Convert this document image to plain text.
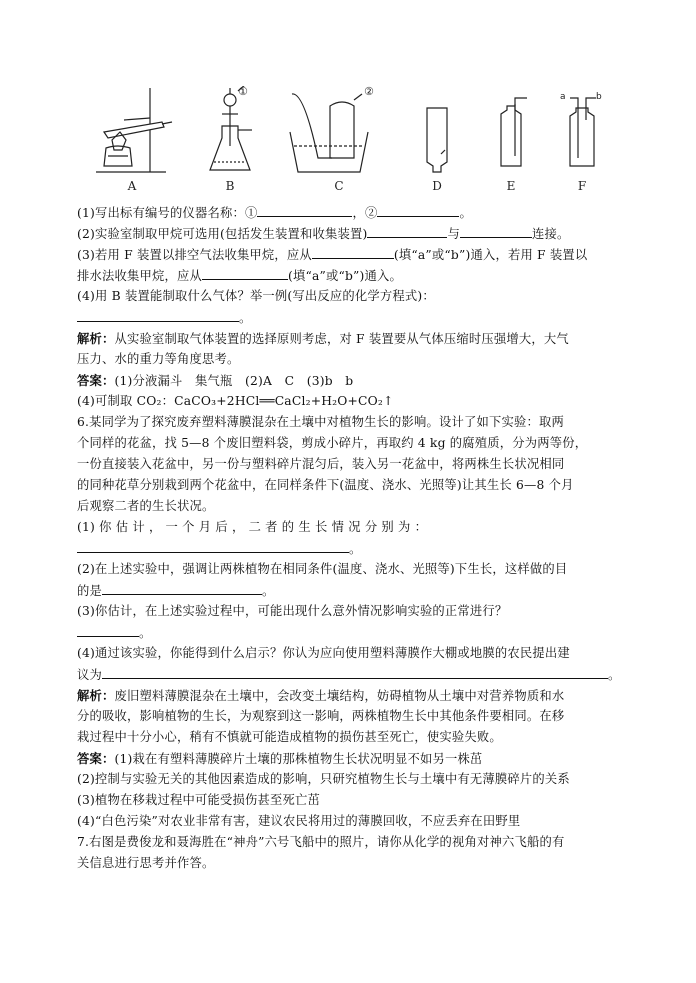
①	②	a	b
A	B	C	D	E	F
(1)写出标有编号的仪器名称：①	，②	。
(2)实验室制取甲烷可选用(包括发生装置和收集装置)	与	连接。
(3)若用 F 装置以排空气法收集甲烷，应从	(填“a”或“b”)通入，若用 F 装置以
排水法收集甲烷，应从	(填“a”或“b”)通入。
(4)用 B 装置能制取什么气体？举一例(写出反应的化学方程式)：
。
解析：从实验室制取气体装置的选择原则考虑，对 F 装置要从气体压缩时压强增大，大气
压力、水的重力等角度思考。
答案：(1)分液漏斗　集气瓶　(2)A　C　(3)b　b
(4)可制取 CO₂：CaCO₃+2HCl══CaCl₂+H₂O+CO₂↑
6.某同学为了探究废弃塑料薄膜混杂在土壤中对植物生长的影响。设计了如下实验：取两
个同样的花盆，找 5—8 个废旧塑料袋，剪成小碎片，再取约 4 kg 的腐殖质，分为两等份，
一份直接装入花盆中，另一份与塑料碎片混匀后，装入另一花盆中，将两株生长状况相同
的同种花草分别栽到两个花盆中，在同样条件下(温度、浇水、光照等)让其生长 6—8 个月
后观察二者的生长状况。
(1) 你 估 计 ， 一 个 月 后 ， 二 者 的 生 长 情 况 分 别 为 ：
。
(2)在上述实验中，强调让两株植物在相同条件(温度、浇水、光照等)下生长，这样做的目
的是	。
(3)你估计，在上述实验过程中，可能出现什么意外情况影响实验的正常进行？
。
(4)通过该实验，你能得到什么启示？你认为应向使用塑料薄膜作大棚或地膜的农民提出建
议为	。
解析：废旧塑料薄膜混杂在土壤中，会改变土壤结构，妨碍植物从土壤中对营养物质和水
分的吸收，影响植物的生长，为观察到这一影响，两株植物生长中其他条件要相同。在移
栽过程中十分小心，稍有不慎就可能造成植物的损伤甚至死亡，使实验失败。
答案：(1)栽在有塑料薄膜碎片土壤的那株植物生长状况明显不如另一株茁
(2)控制与实验无关的其他因素造成的影响，只研究植物生长与土壤中有无薄膜碎片的关系
(3)植物在移栽过程中可能受损伤甚至死亡茁
(4)“白色污染”对农业非常有害，建议农民将用过的薄膜回收，不应丢弃在田野里
7.右图是费俊龙和聂海胜在“神舟”六号飞船中的照片，请你从化学的视角对神六飞船的有
关信息进行思考并作答。
